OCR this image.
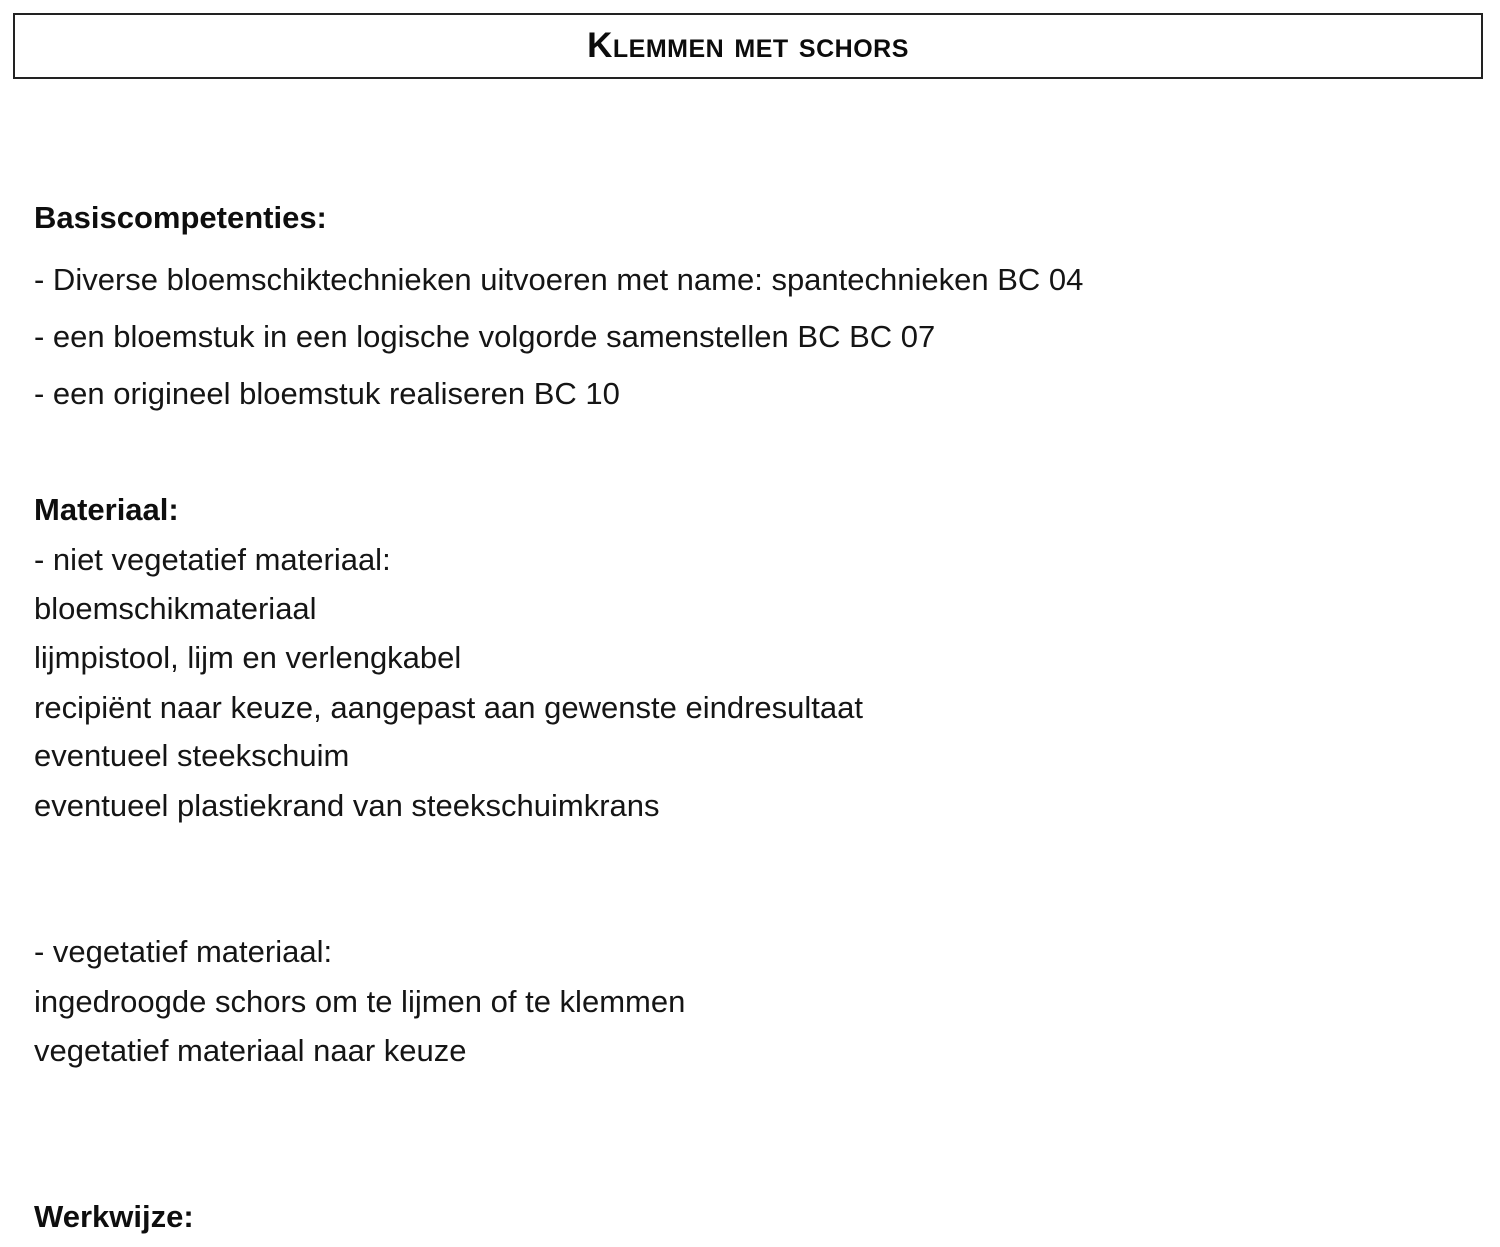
Klemmen met schors
Basiscompetenties:
- Diverse bloemschiktechnieken uitvoeren met name: spantechnieken BC 04
- een bloemstuk in een logische volgorde samenstellen BC BC 07
- een origineel bloemstuk realiseren BC 10
Materiaal:
- niet vegetatief materiaal:
bloemschikmateriaal
lijmpistool, lijm en verlengkabel
recipiënt naar keuze, aangepast aan gewenste eindresultaat
eventueel steekschuim
eventueel plastiekrand van steekschuimkrans
- vegetatief materiaal:
ingedroogde schors om te lijmen of te klemmen
vegetatief materiaal naar keuze
Werkwijze:
